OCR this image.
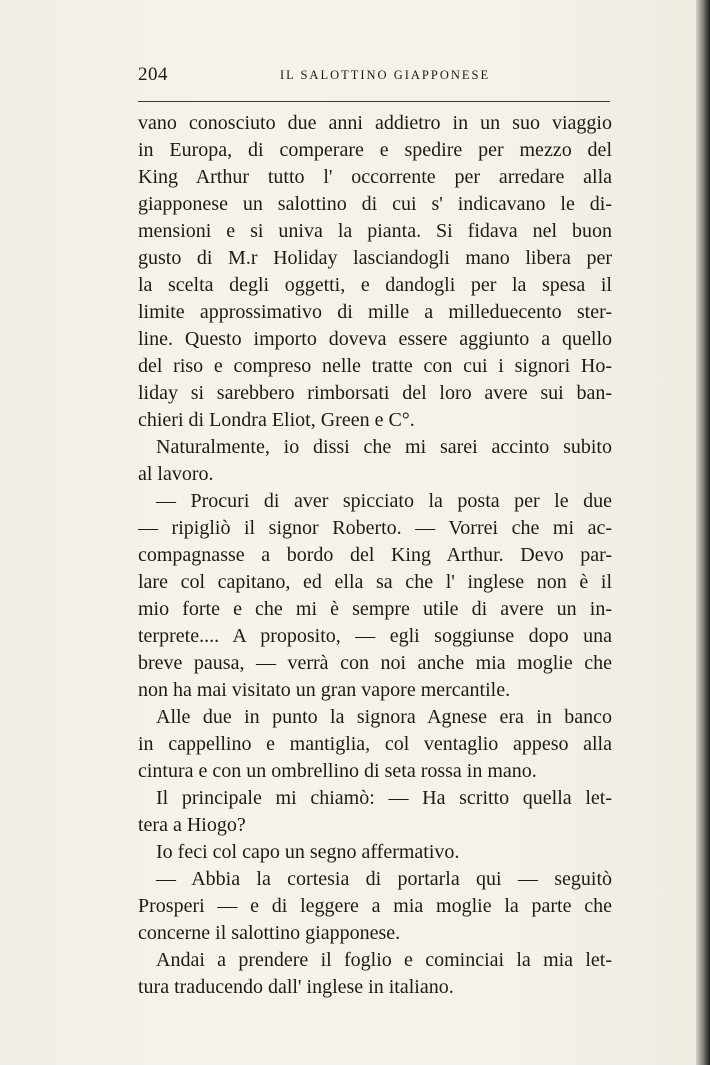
204	IL SALOTTINO GIAPPONESE
vano conosciuto due anni addietro in un suo viaggio
in Europa, di comperare e spedire per mezzo del
King Arthur tutto l' occorrente per arredare alla
giapponese un salottino di cui s' indicavano le di-
mensioni e si univa la pianta. Si fidava nel buon
gusto di M.r Holiday lasciandogli mano libera per
la scelta degli oggetti, e dandogli per la spesa il
limite approssimativo di mille a milleduecento ster-
line. Questo importo doveva essere aggiunto a quello
del riso e compreso nelle tratte con cui i signori Ho-
liday si sarebbero rimborsati del loro avere sui ban-
chieri di Londra Eliot, Green e C°.
Naturalmente, io dissi che mi sarei accinto subito
al lavoro.
— Procuri di aver spicciato la posta per le due
— ripigliò il signor Roberto. — Vorrei che mi ac-
compagnasse a bordo del King Arthur. Devo par-
lare col capitano, ed ella sa che l' inglese non è il
mio forte e che mi è sempre utile di avere un in-
terprete.... A proposito, — egli soggiunse dopo una
breve pausa, — verrà con noi anche mia moglie che
non ha mai visitato un gran vapore mercantile.
Alle due in punto la signora Agnese era in banco
in cappellino e mantiglia, col ventaglio appeso alla
cintura e con un ombrellino di seta rossa in mano.
Il principale mi chiamò: — Ha scritto quella let-
tera a Hiogo?
Io feci col capo un segno affermativo.
— Abbia la cortesia di portarla qui — seguitò
Prosperi — e di leggere a mia moglie la parte che
concerne il salottino giapponese.
Andai a prendere il foglio e cominciai la mia let-
tura traducendo dall' inglese in italiano.
